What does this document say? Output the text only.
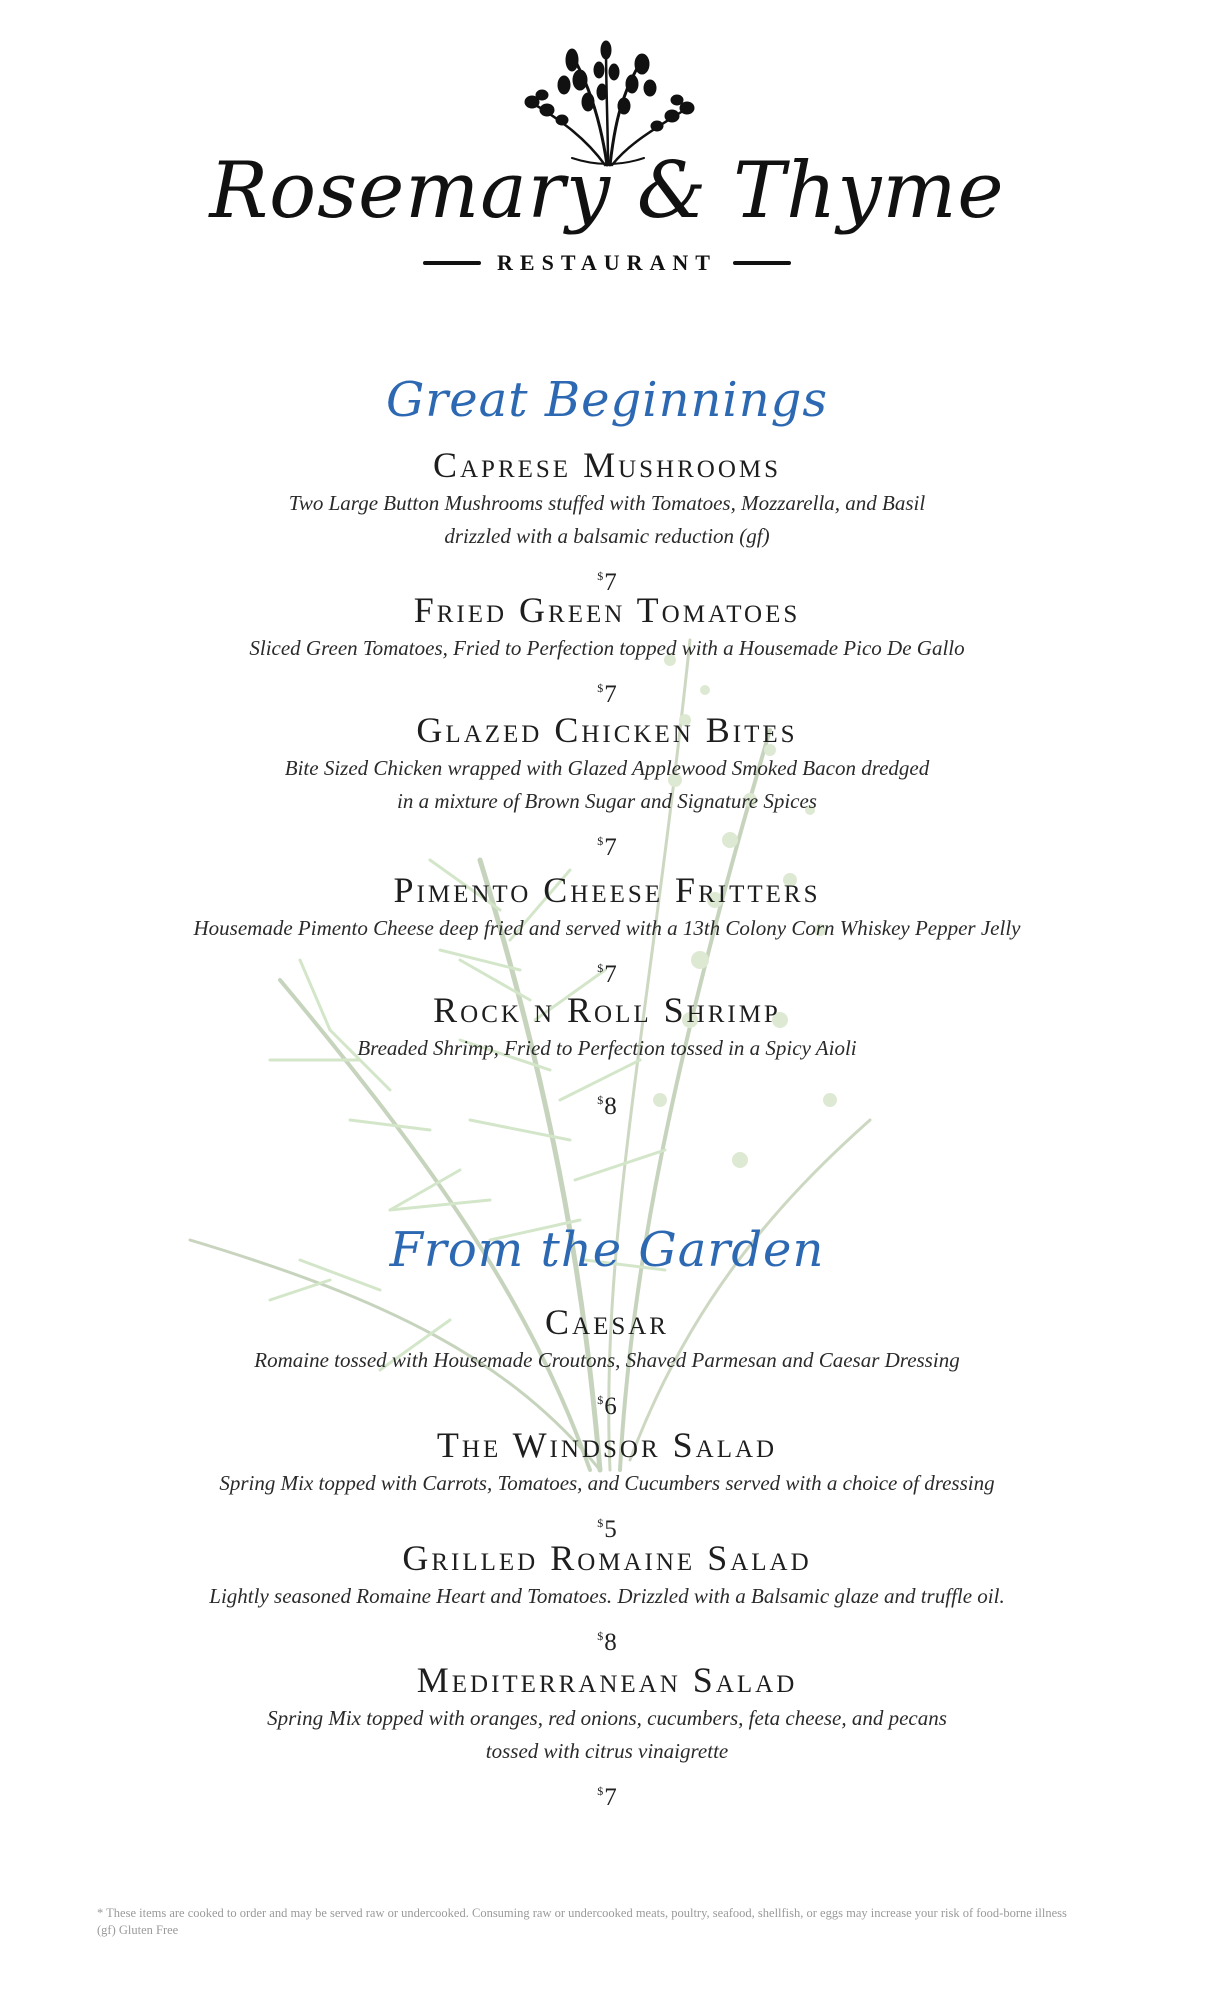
Rosemary & Thyme
RESTAURANT
Great Beginnings
Caprese Mushrooms
Two Large Button Mushrooms stuffed with Tomatoes, Mozzarella, and Basil
drizzled with a balsamic reduction (gf)
$7
Fried Green Tomatoes
Sliced Green Tomatoes, Fried to Perfection topped with a Housemade Pico De Gallo
$7
Glazed Chicken Bites
Bite Sized Chicken wrapped with Glazed Applewood Smoked Bacon dredged
in a mixture of Brown Sugar and Signature Spices
$7
Pimento Cheese Fritters
Housemade Pimento Cheese deep fried and served with a 13th Colony Corn Whiskey Pepper Jelly
$7
Rock n Roll Shrimp
Breaded Shrimp, Fried to Perfection tossed in a Spicy Aioli
$8
From the Garden
Caesar
Romaine tossed with Housemade Croutons, Shaved Parmesan and Caesar Dressing
$6
The Windsor Salad
Spring Mix topped with Carrots, Tomatoes, and Cucumbers served with a choice of dressing
$5
Grilled Romaine Salad
Lightly seasoned Romaine Heart and Tomatoes. Drizzled with a Balsamic glaze and truffle oil.
$8
Mediterranean Salad
Spring Mix topped with oranges, red onions, cucumbers, feta cheese, and pecans
tossed with citrus vinaigrette
$7
* These items are cooked to order and may be served raw or undercooked. Consuming raw or undercooked meats, poultry, seafood, shellfish, or eggs may increase your risk of food-borne illness
(gf) Gluten Free
